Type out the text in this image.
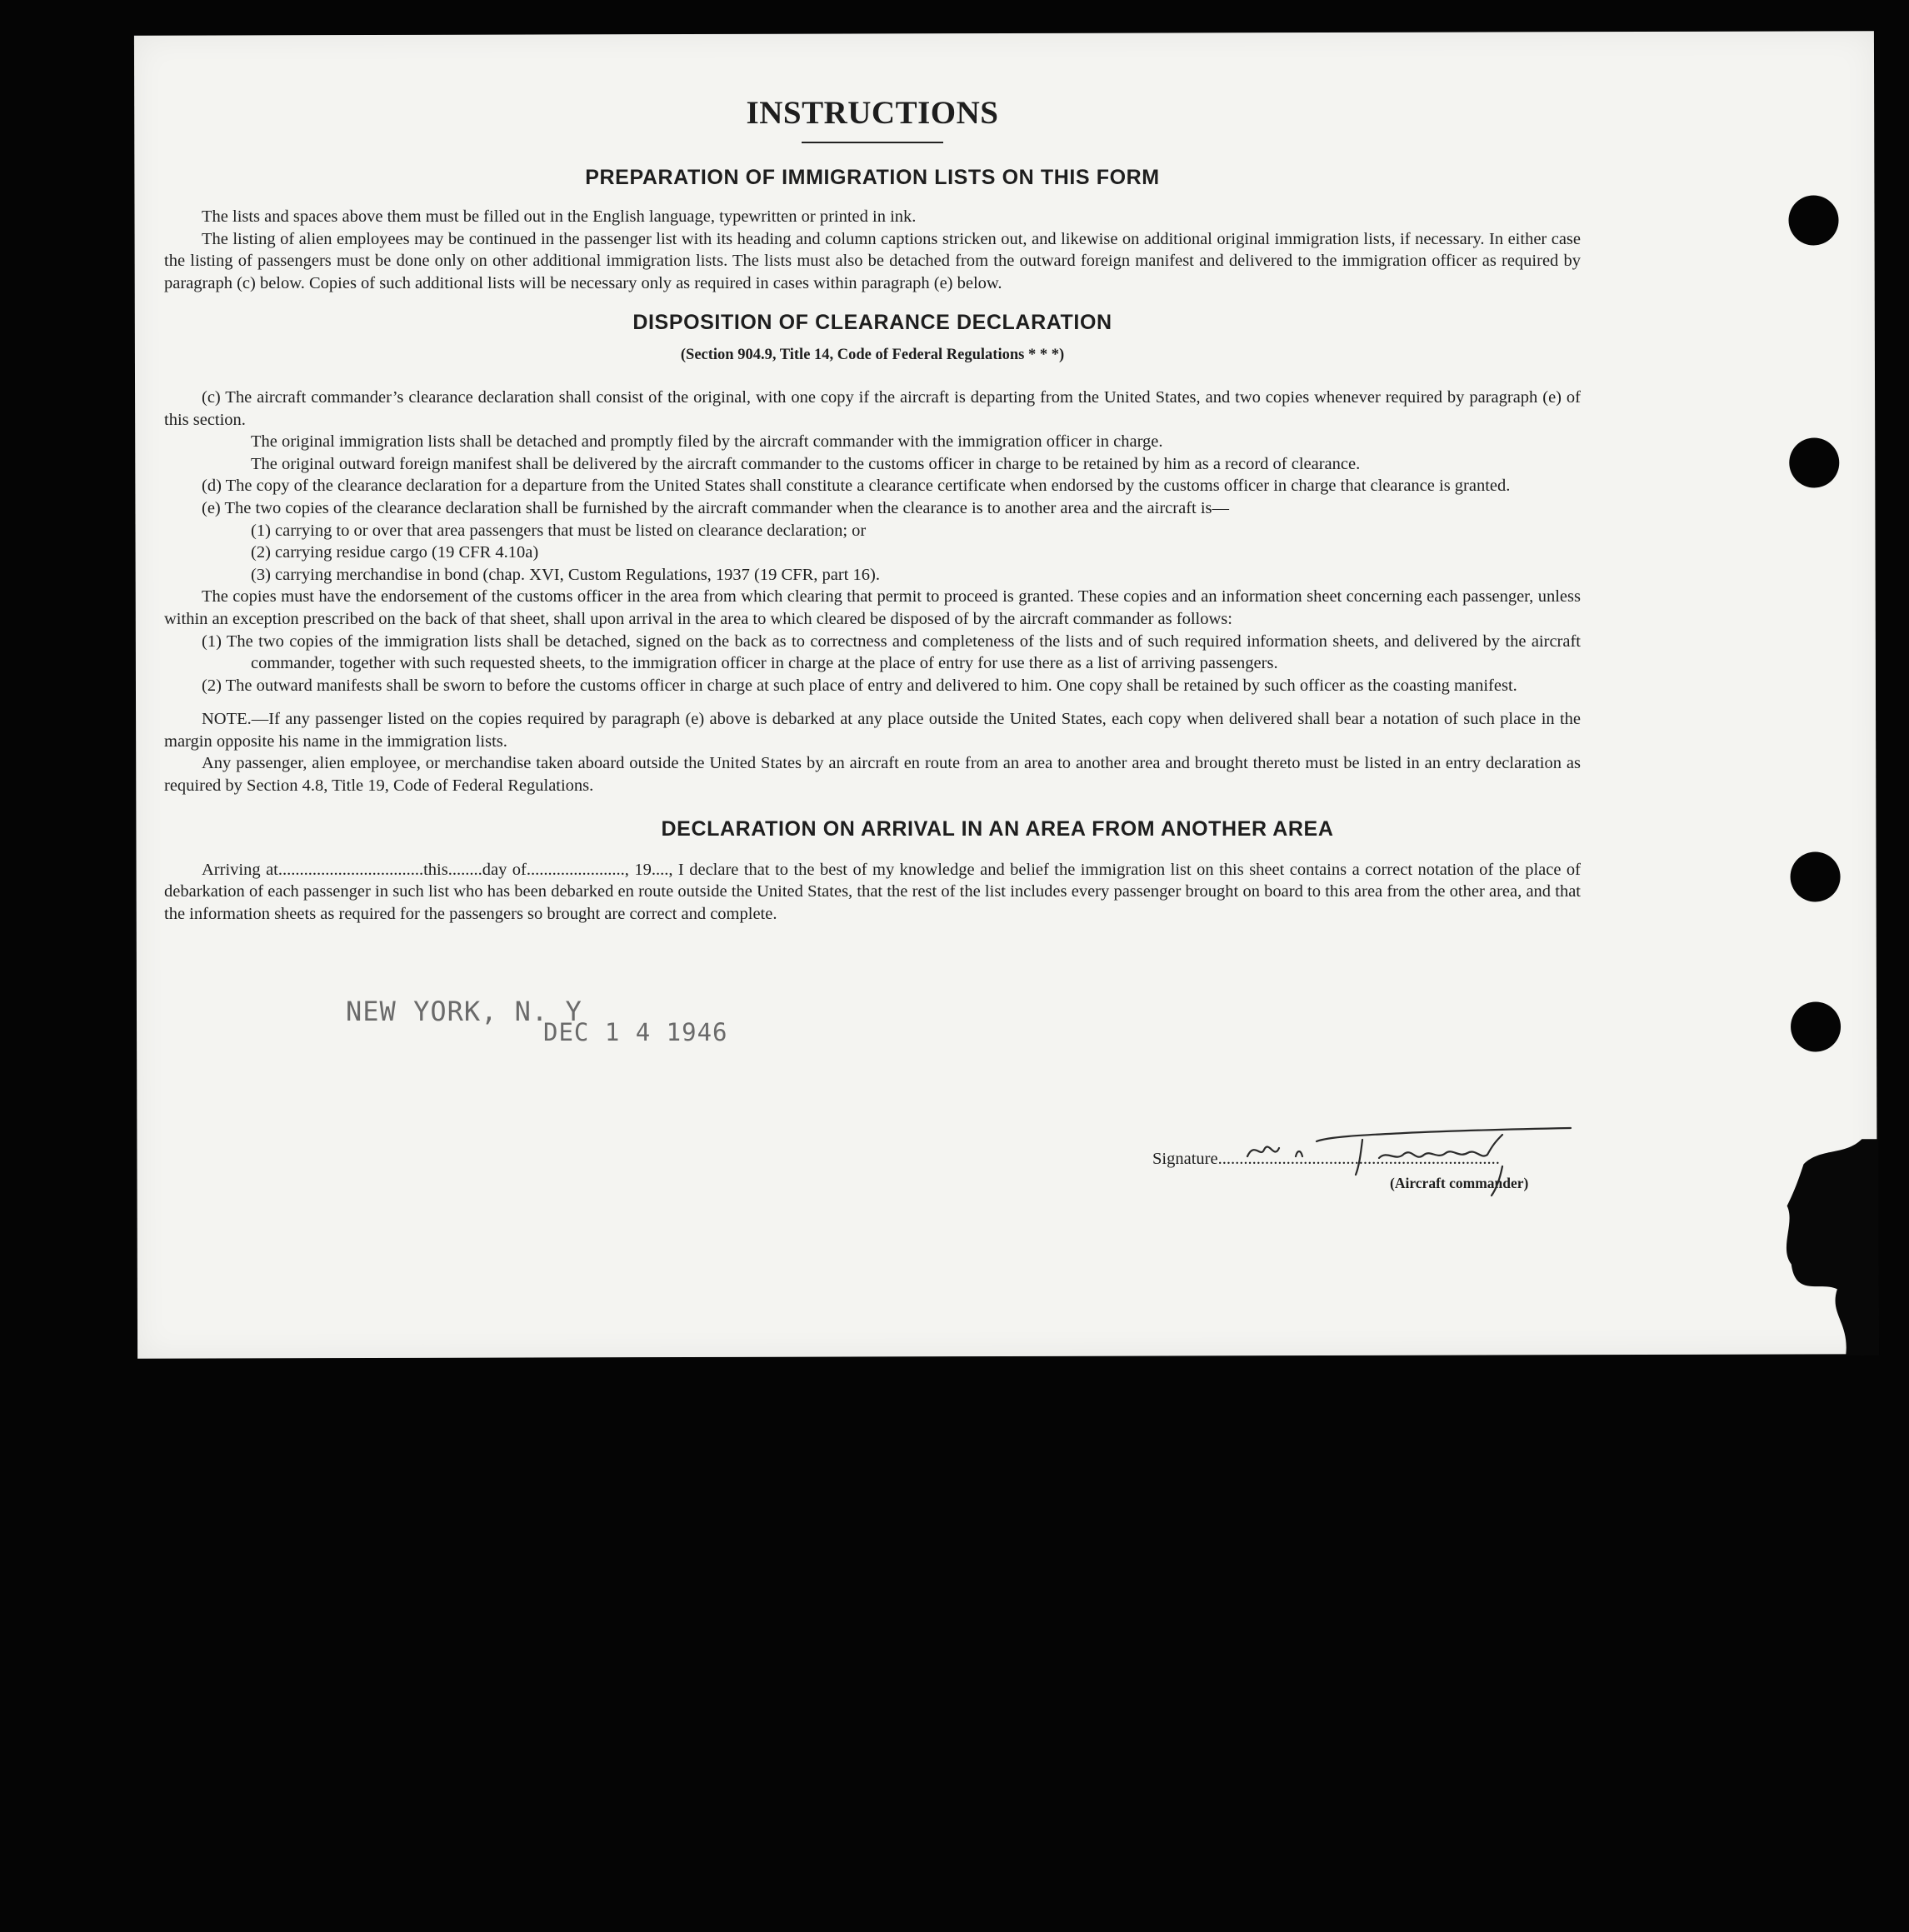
INSTRUCTIONS
PREPARATION OF IMMIGRATION LISTS ON THIS FORM

The lists and spaces above them must be filled out in the English language, typewritten or printed in ink.

The listing of alien employees may be continued in the passenger list with its heading and column captions stricken out, and likewise on additional original immigration lists, if necessary. In either case the listing of passengers must be done only on other additional immigration lists. The lists must also be detached from the outward foreign manifest and delivered to the immigration officer as required by paragraph (c) below. Copies of such additional lists will be necessary only as required in cases within paragraph (e) below.

DISPOSITION OF CLEARANCE DECLARATION
(Section 904.9, Title 14, Code of Federal Regulations * * *)

(c) The aircraft commander’s clearance declaration shall consist of the original, with one copy if the aircraft is departing from the United States, and two copies whenever required by paragraph (e) of this section.

The original immigration lists shall be detached and promptly filed by the aircraft commander with the immigration officer in charge.

The original outward foreign manifest shall be delivered by the aircraft commander to the customs officer in charge to be retained by him as a record of clearance.

(d) The copy of the clearance declaration for a departure from the United States shall constitute a clearance certificate when endorsed by the customs officer in charge that clearance is granted.

(e) The two copies of the clearance declaration shall be furnished by the aircraft commander when the clearance is to another area and the aircraft is—

(1) carrying to or over that area passengers that must be listed on clearance declaration; or

(2) carrying residue cargo (19 CFR 4.10a)

(3) carrying merchandise in bond (chap. XVI, Custom Regulations, 1937 (19 CFR, part 16).

The copies must have the endorsement of the customs officer in the area from which clearing that permit to proceed is granted. These copies and an information sheet concerning each passenger, unless within an exception prescribed on the back of that sheet, shall upon arrival in the area to which cleared be disposed of by the aircraft commander as follows:

(1) The two copies of the immigration lists shall be detached, signed on the back as to correctness and completeness of the lists and of such required information sheets, and delivered by the aircraft commander, together with such requested sheets, to the immigration officer in charge at the place of entry for use there as a list of arriving passengers.

(2) The outward manifests shall be sworn to before the customs officer in charge at such place of entry and delivered to him. One copy shall be retained by such officer as the coasting manifest.

NOTE.—If any passenger listed on the copies required by paragraph (e) above is debarked at any place outside the United States, each copy when delivered shall bear a notation of such place in the margin opposite his name in the immigration lists.

Any passenger, alien employee, or merchandise taken aboard outside the United States by an aircraft en route from an area to another area and brought thereto must be listed in an entry declaration as required by Section 4.8, Title 19, Code of Federal Regulations.

DECLARATION ON ARRIVAL IN AN AREA FROM ANOTHER AREA

Arriving at..................................this........day of......................., 19...., I declare that to the best of my knowledge and belief the immigration list on this sheet contains a correct notation of the place of debarkation of each passenger in such list who has been debarked en route outside the United States, that the rest of the list includes every passenger brought on board to this area from the other area, and that the information sheets as required for the passengers so brought are correct and complete.

NEW YORK, N. Y
DEC 1 4 1946
Signature..................................................................
(Aircraft commander)
